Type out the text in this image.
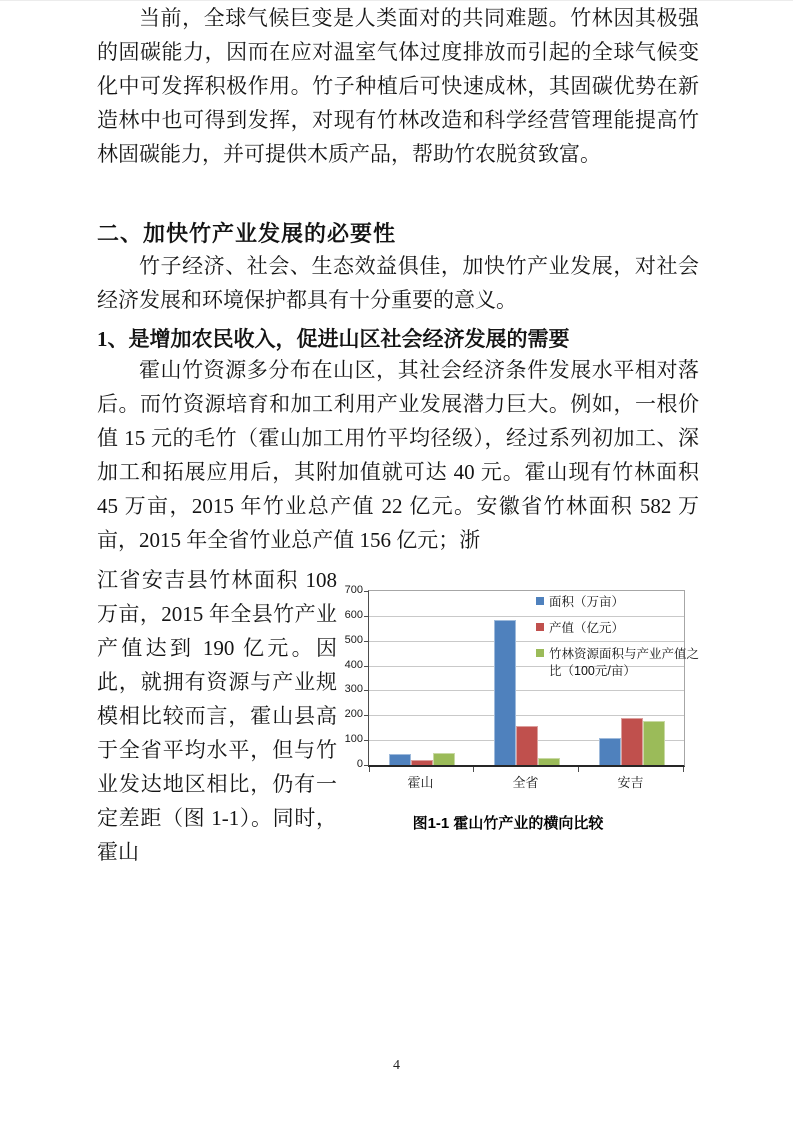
当前，全球气候巨变是人类面对的共同难题。竹林因其极强的固碳能力，因而在应对温室气体过度排放而引起的全球气候变化中可发挥积极作用。竹子种植后可快速成林，其固碳优势在新造林中也可得到发挥，对现有竹林改造和科学经营管理能提高竹林固碳能力，并可提供木质产品，帮助竹农脱贫致富。

二、加快竹产业发展的必要性

竹子经济、社会、生态效益俱佳，加快竹产业发展，对社会经济发展和环境保护都具有十分重要的意义。

1、是增加农民收入，促进山区社会经济发展的需要

霍山竹资源多分布在山区，其社会经济条件发展水平相对落后。而竹资源培育和加工利用产业发展潜力巨大。例如，一根价值 15 元的毛竹（霍山加工用竹平均径级），经过系列初加工、深加工和拓展应用后，其附加值就可达 40 元。霍山现有竹林面积 45 万亩，2015 年竹业总产值 22 亿元。安徽省竹林面积 582 万亩，2015 年全省竹业总产值 156 亿元；浙

江省安吉县竹林面积 108 万亩，2015 年全县竹产业产值达到 190 亿元。因此，就拥有资源与产业规模相比较而言，霍山县高于全省平均水平，但与竹业发达地区相比，仍有一定差距（图 1-1）。同时，霍山

0
100
200
300
400
500
600
700
霍山	全省	安吉
面积（万亩）
产值（亿元）
竹林资源面积与产业产值之比（100元/亩）
图1-1 霍山竹产业的横向比较
4
